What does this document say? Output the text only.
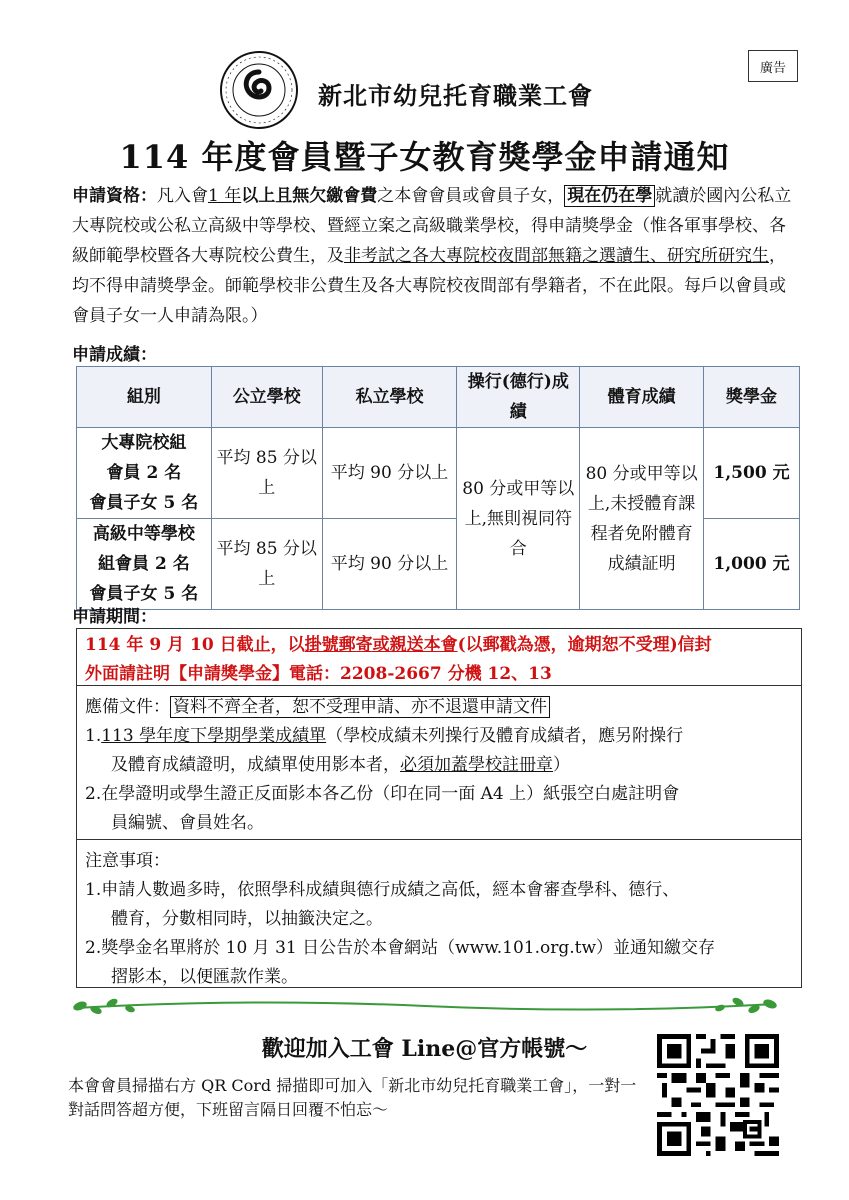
廣告
新北市幼兒托育職業工會
114 年度會員暨子女教育獎學金申請通知
申請資格：凡入會1 年以上且無欠繳會費之本會會員或會員子女， 現在仍在學 就讀於國內公私立大專院校或公私立高級中等學校、暨經立案之高級職業學校，得申請獎學金（惟各軍事學校、各級師範學校暨各大專院校公費生，及非考試之各大專院校夜間部無籍之選讀生、研究所研究生，均不得申請獎學金。師範學校非公費生及各大專院校夜間部有學籍者，不在此限。每戶以會員或會員子女一人申請為限。）
申請成績：
組別	公立學校	私立學校	操行(德行)成績	體育成績	獎學金

大專院校組
會員 2 名
會員子女 5 名	平均 85 分以上	平均 90 分以上	80 分或甲等以上,無則視同符合	80 分或甲等以上,未授體育課程者免附體育成績証明	1,500 元

高級中等學校
組會員 2 名
會員子女 5 名	平均 85 分以上	平均 90 分以上			1,000 元
申請期間：
114 年 9 月 10 日截止，以掛號郵寄或親送本會(以郵戳為憑，逾期恕不受理)信封
外面請註明【申請獎學金】電話：2208-2667 分機 12、13
應備文件： 資料不齊全者，恕不受理申請、亦不退還申請文件
1.113 學年度下學期學業成績單（學校成績未列操行及體育成績者，應另附操行
及體育成績證明，成績單使用影本者，必須加蓋學校註冊章）
2.在學證明或學生證正反面影本各乙份（印在同一面 A4 上）紙張空白處註明會
員編號、會員姓名。
注意事項：
1.申請人數過多時，依照學科成績與德行成績之高低，經本會審查學科、德行、
體育，分數相同時，以抽籤決定之。
2.獎學金名單將於 10 月 31 日公告於本會網站（www.101.org.tw）並通知繳交存
摺影本，以便匯款作業。
歡迎加入工會 Line@官方帳號～
本會會員掃描右方 QR Cord 掃描即可加入「新北市幼兒托育職業工會」，一對一對話問答超方便，下班留言隔日回覆不怕忘～
